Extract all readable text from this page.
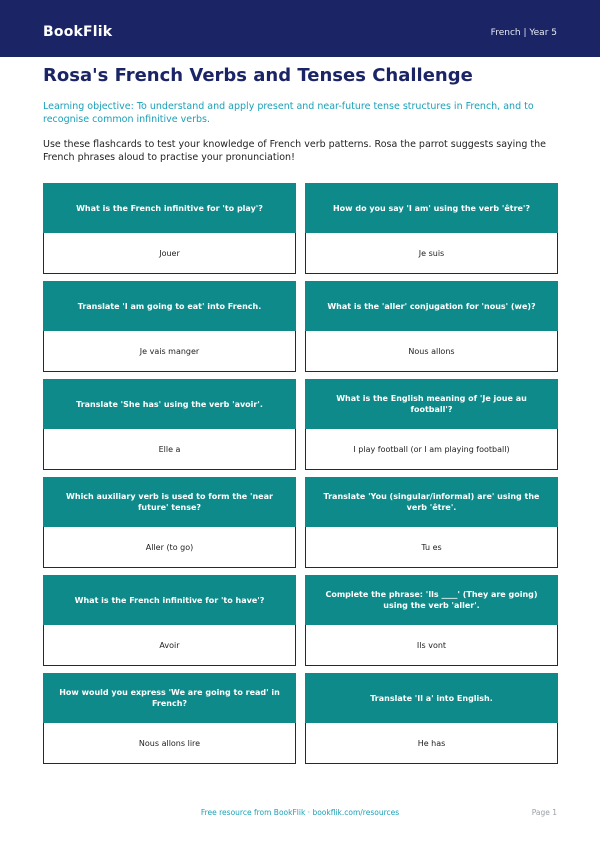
BookFlik	French | Year 5
Rosa's French Verbs and Tenses Challenge
Learning objective: To understand and apply present and near-future tense structures in French, and to recognise common infinitive verbs.
Use these flashcards to test your knowledge of French verb patterns. Rosa the parrot suggests saying the French phrases aloud to practise your pronunciation!
What is the French infinitive for 'to play'?
Jouer
How do you say 'I am' using the verb 'être'?
Je suis
Translate 'I am going to eat' into French.
Je vais manger
What is the 'aller' conjugation for 'nous' (we)?
Nous allons
Translate 'She has' using the verb 'avoir'.
Elle a
What is the English meaning of 'Je joue au football'?
I play football (or I am playing football)
Which auxiliary verb is used to form the 'near future' tense?
Aller (to go)
Translate 'You (singular/informal) are' using the verb 'être'.
Tu es
What is the French infinitive for 'to have'?
Avoir
Complete the phrase: 'Ils ____' (They are going) using the verb 'aller'.
Ils vont
How would you express 'We are going to read' in French?
Nous allons lire
Translate 'Il a' into English.
He has
Free resource from BookFlik · bookflik.com/resources	Page 1
